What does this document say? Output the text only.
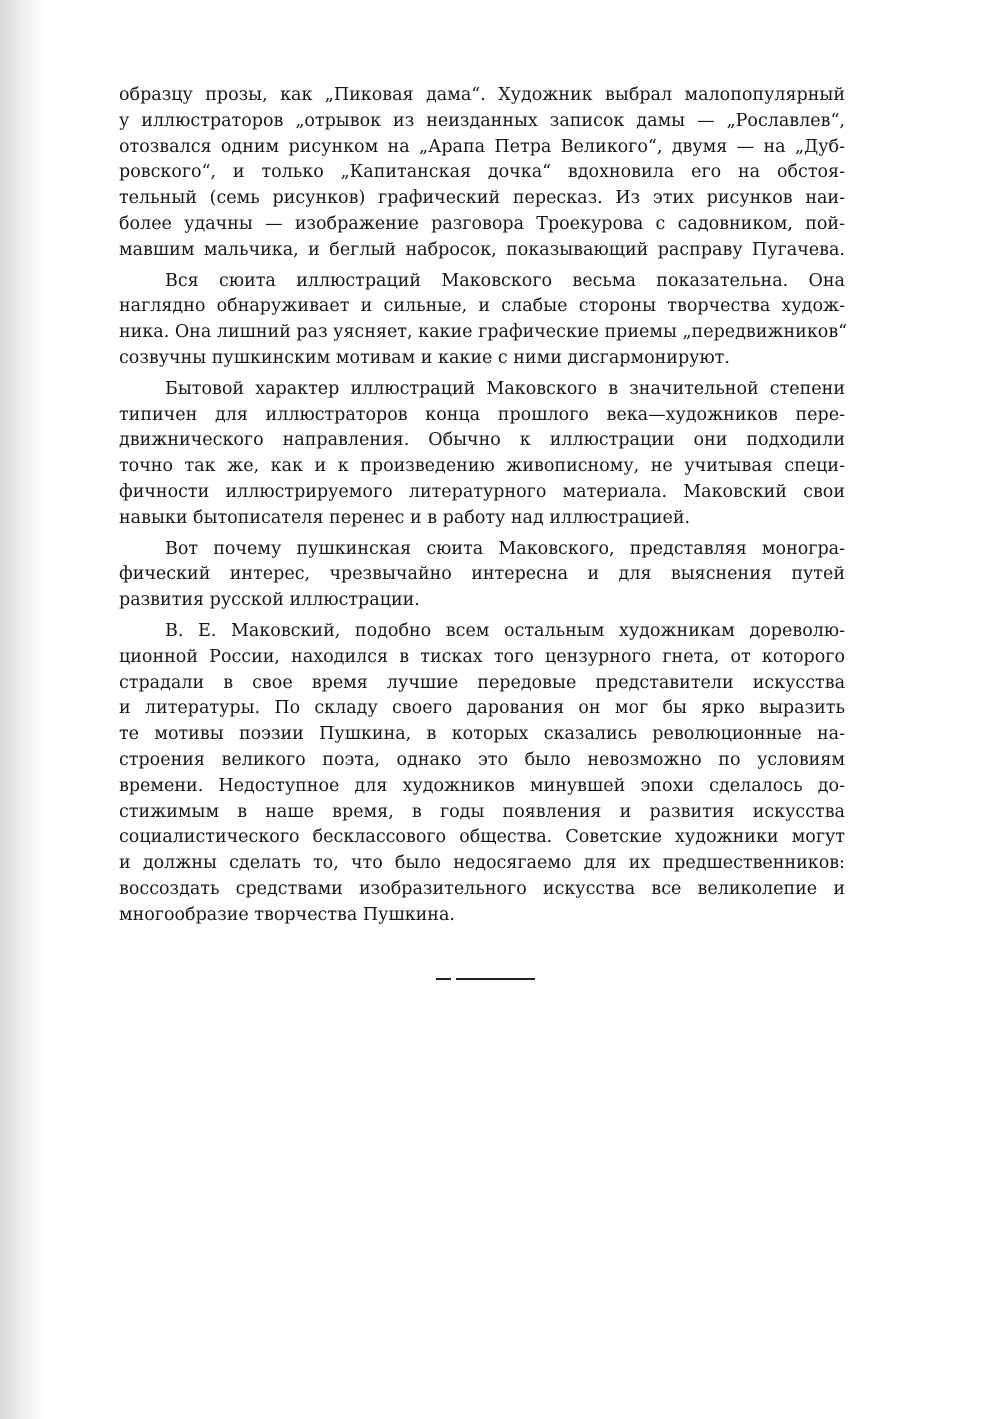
образцу прозы, как „Пиковая дама“. Художник выбрал малопопулярный
у иллюстраторов „отрывок из неизданных записок дамы — „Рославлев“,
отозвался одним рисунком на „Арапа Петра Великого“, двумя — на „Дуб-
ровского“, и только „Капитанская дочка“ вдохновила его на обстоя-
тельный (семь рисунков) графический пересказ. Из этих рисунков наи-
более удачны — изображение разговора Троекурова с садовником, пой-
мавшим мальчика, и беглый набросок, показывающий расправу Пугачева.

Вся сюита иллюстраций Маковского весьма показательна. Она
наглядно обнаруживает и сильные, и слабые стороны творчества худож-
ника. Она лишний раз уясняет, какие графические приемы „передвижников“
созвучны пушкинским мотивам и какие с ними дисгармонируют.

Бытовой характер иллюстраций Маковского в значительной степени
типичен для иллюстраторов конца прошлого века—художников пере-
движнического направления. Обычно к иллюстрации они подходили
точно так же, как и к произведению живописному, не учитывая специ-
фичности иллюстрируемого литературного материала. Маковский свои
навыки бытописателя перенес и в работу над иллюстрацией.

Вот почему пушкинская сюита Маковского, представляя моногра-
фический интерес, чрезвычайно интересна и для выяснения путей
развития русской иллюстрации.

В. Е. Маковский, подобно всем остальным художникам дореволю-
ционной России, находился в тисках того цензурного гнета, от которого
страдали в свое время лучшие передовые представители искусства
и литературы. По складу своего дарования он мог бы ярко выразить
те мотивы поэзии Пушкина, в которых сказались революционные на-
строения великого поэта, однако это было невозможно по условиям
времени. Недоступное для художников минувшей эпохи сделалось до-
стижимым в наше время, в годы появления и развития искусства
социалистического бесклассового общества. Советские художники могут
и должны сделать то, что было недосягаемо для их предшественников:
воссоздать средствами изобразительного искусства все великолепие и
многообразие творчества Пушкина.
